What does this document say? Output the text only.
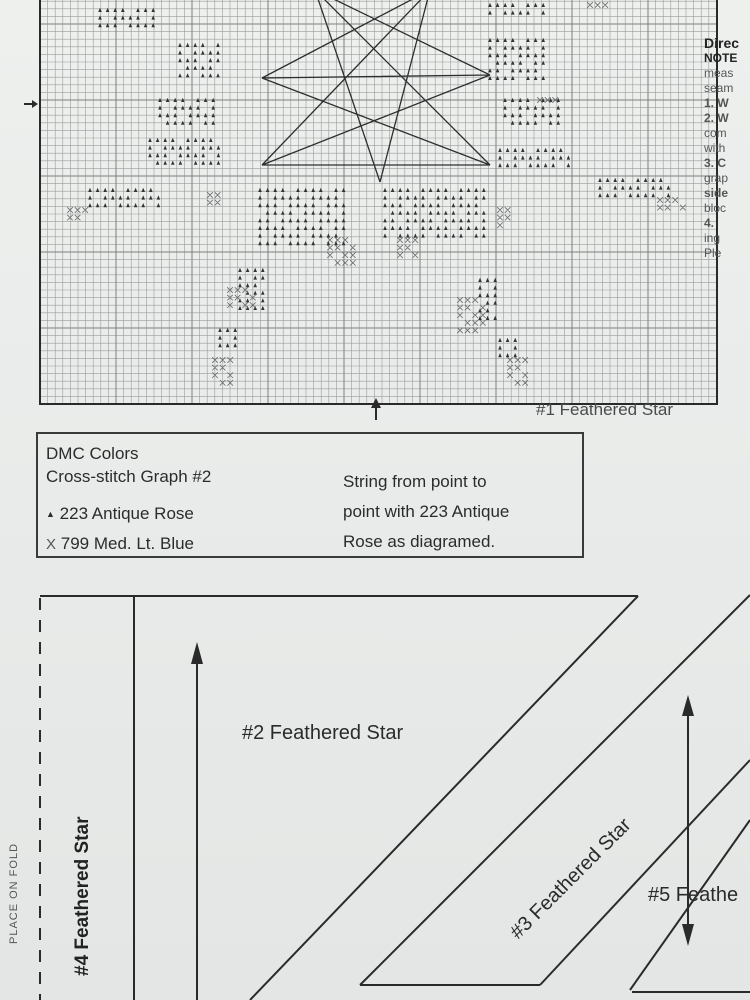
#1 Feathered Star
Direc
NOTE
meas
seam
1. W
2. W
com
with
3. C
grap
side
bloc
4.
ing
Ple
DMC Colors
Cross-stitch Graph #2
▲ 223 Antique Rose
X 799 Med. Lt. Blue
String from point to
point with 223 Antique
Rose as diagramed.
#2 Feathered Star
#5 Feathe
#3 Feathered Star
#4 Feathered Star
PLACE ON FOLD
